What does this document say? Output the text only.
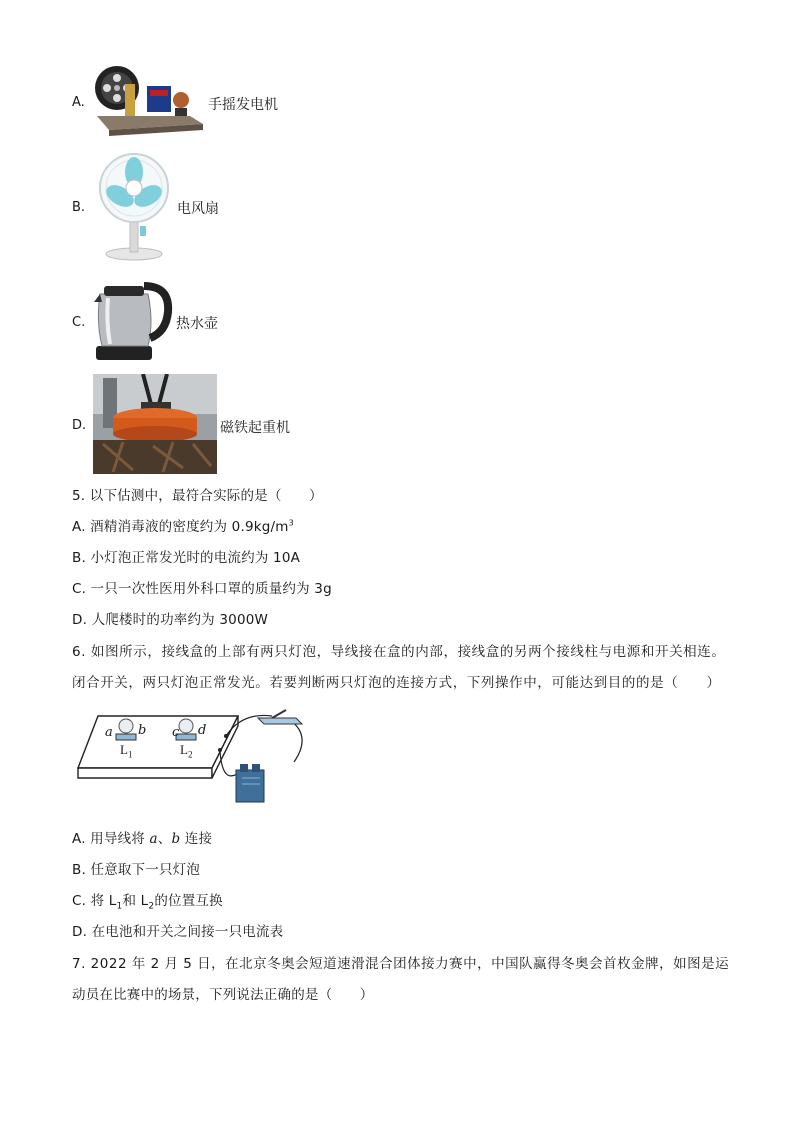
A.	手摇发电机
B.	电风扇
C.	热水壶
D.	磁铁起重机
5. 以下估测中，最符合实际的是（　　）
A. 酒精消毒液的密度约为 $0.9kg/m^3$
B. 小灯泡正常发光时的电流约为 10A
C. 一只一次性医用外科口罩的质量约为 3g
D. 人爬楼时的功率约为 3000W
6. 如图所示，接线盒的上部有两只灯泡，导线接在盒的内部，接线盒的另两个接线柱与电源和开关相连。
闭合开关，两只灯泡正常发光。若要判断两只灯泡的连接方式，下列操作中，可能达到目的的是（　　）
a b c d
$L_1$	$L_2$
A. 用导线将 a、b 连接
B. 任意取下一只灯泡
C. 将 $L_1$和 $L_2$的位置互换
D. 在电池和开关之间接一只电流表
7. 2022 年 2 月 5 日，在北京冬奥会短道速滑混合团体接力赛中，中国队赢得冬奥会首枚金牌，如图是运
动员在比赛中的场景，下列说法正确的是（　　）
